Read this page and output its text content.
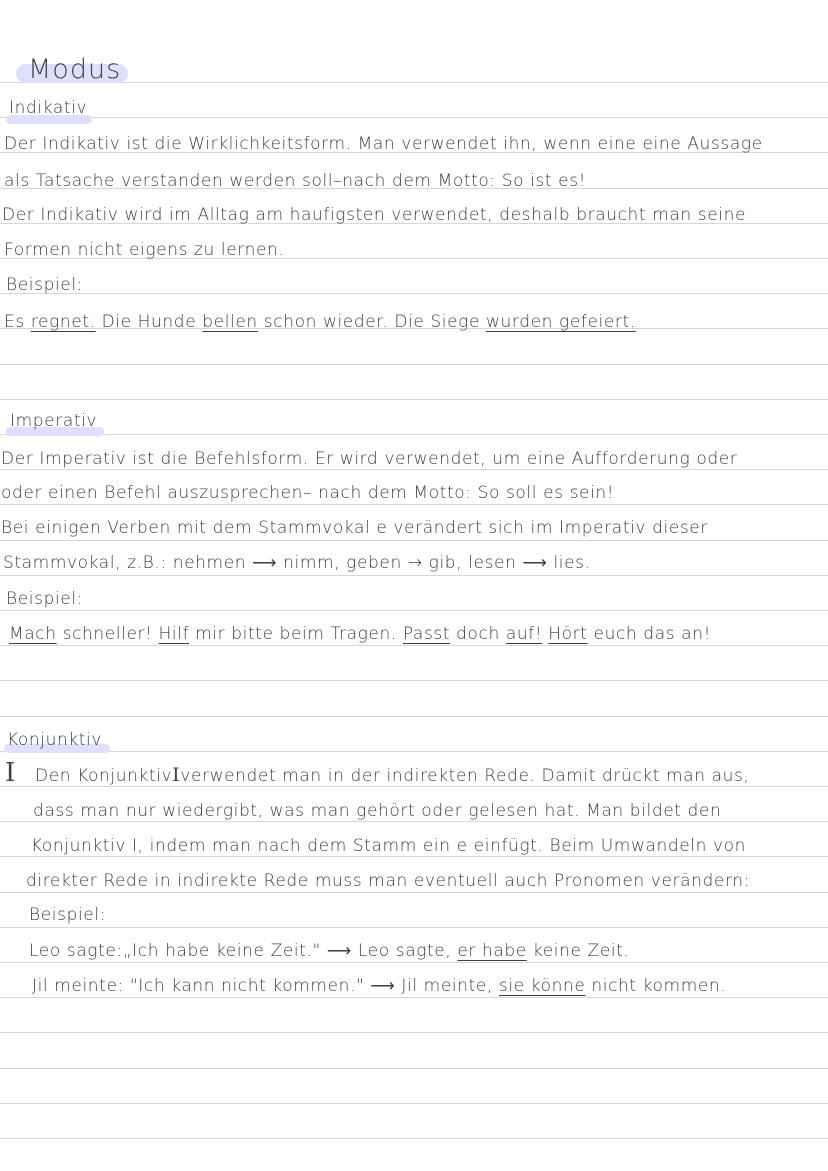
Modus
Indikativ
Der Indikativ ist die Wirklichkeitsform. Man verwendet ihn, wenn eine eine Aussage
als Tatsache verstanden werden soll–nach dem Motto: So ist es!
Der Indikativ wird im Alltag am haufigsten verwendet, deshalb braucht man seine
Formen nicht eigens zu lernen.
Beispiel:
Es regnet. Die Hunde bellen schon wieder. Die Siege wurden gefeiert.
Imperativ
Der Imperativ ist die Befehlsform. Er wird verwendet, um eine Aufforderung oder
oder einen Befehl auszusprechen– nach dem Motto: So soll es sein!
Bei einigen Verben mit dem Stammvokal e verändert sich im Imperativ dieser
Stammvokal, z.B.: nehmen ⟶ nimm, geben → gib, lesen ⟶ lies.
Beispiel:
Mach schneller! Hilf mir bitte beim Tragen. Passt doch auf! Hört euch das an!
Konjunktiv
I Den KonjunktivIverwendet man in der indirekten Rede. Damit drückt man aus,
dass man nur wiedergibt, was man gehört oder gelesen hat. Man bildet den
Konjunktiv I, indem man nach dem Stamm ein e einfügt. Beim Umwandeln von
direkter Rede in indirekte Rede muss man eventuell auch Pronomen verändern:
Beispiel:
Leo sagte:„Ich habe keine Zeit." ⟶ Leo sagte, er habe keine Zeit.
Jil meinte: "Ich kann nicht kommen." ⟶ Jil meinte, sie könne nicht kommen.
